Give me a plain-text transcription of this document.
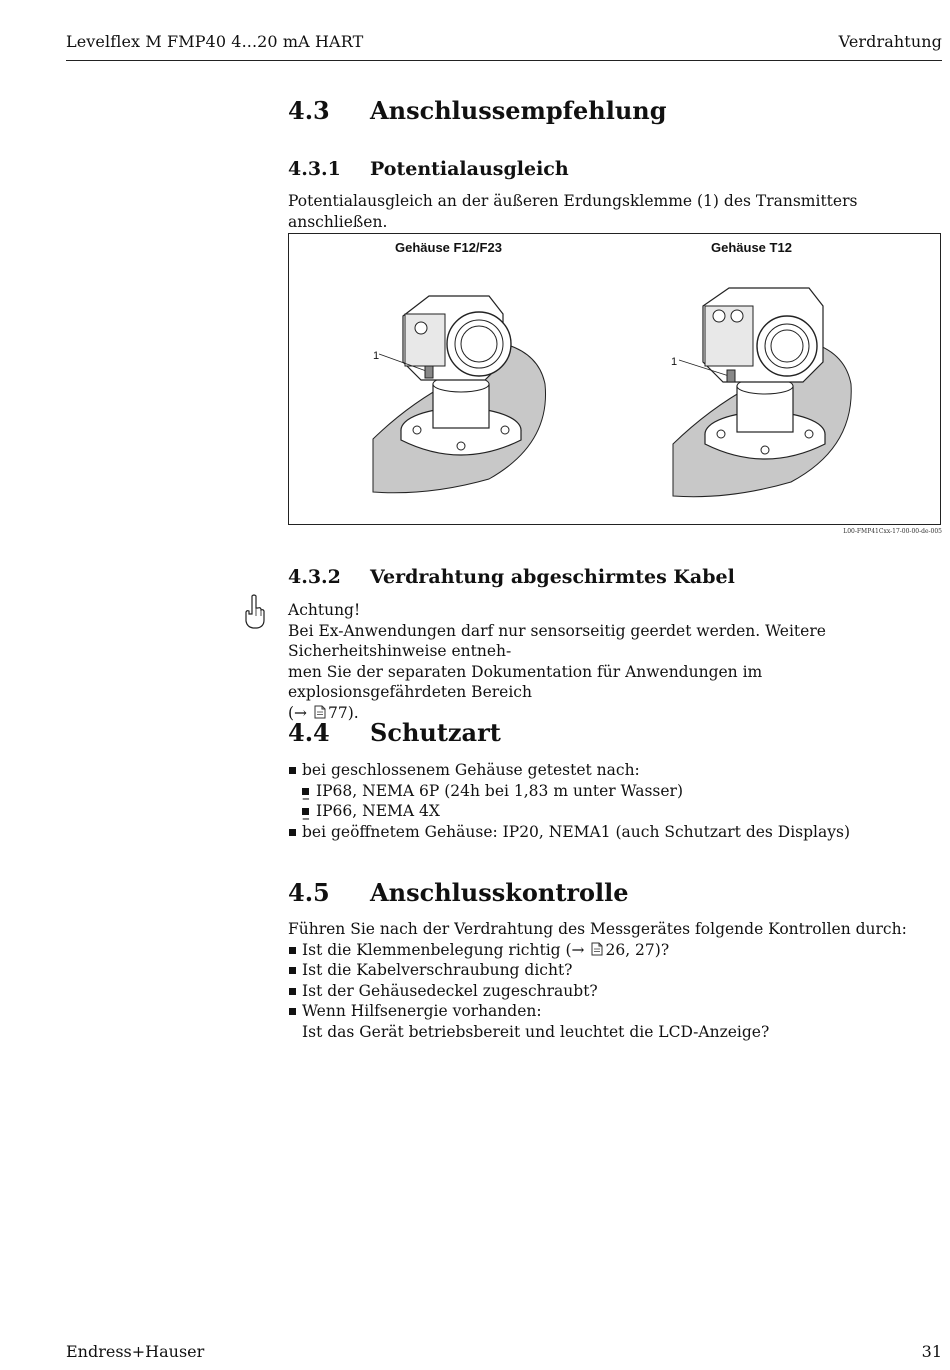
Levelflex M FMP40 4...20 mA HART	Verdrahtung
4.3 Anschlussempfehlung
4.3.1 Potentialausgleich
Potentialausgleich an der äußeren Erdungsklemme (1) des Transmitters anschließen.
Gehäuse F12/F23	Gehäuse T12
1	1
L00-FMP41Cxx-17-00-00-de-005
4.3.2 Verdrahtung abgeschirmtes Kabel
Achtung!
Bei Ex-Anwendungen darf nur sensorseitig geerdet werden. Weitere Sicherheitshinweise entneh-
men Sie der separaten Dokumentation für Anwendungen im explosionsgefährdeten Bereich
(→ 77).
4.4 Schutzart
bei geschlossenem Gehäuse getestet nach:
– IP68, NEMA 6P (24h bei 1,83 m unter Wasser)
– IP66, NEMA 4X
bei geöffnetem Gehäuse: IP20, NEMA1 (auch Schutzart des Displays)
4.5 Anschlusskontrolle
Führen Sie nach der Verdrahtung des Messgerätes folgende Kontrollen durch:
Ist die Klemmenbelegung richtig (→ 26, 27)?
Ist die Kabelverschraubung dicht?
Ist der Gehäusedeckel zugeschraubt?
Wenn Hilfsenergie vorhanden:
Ist das Gerät betriebsbereit und leuchtet die LCD-Anzeige?
Endress+Hauser	31
